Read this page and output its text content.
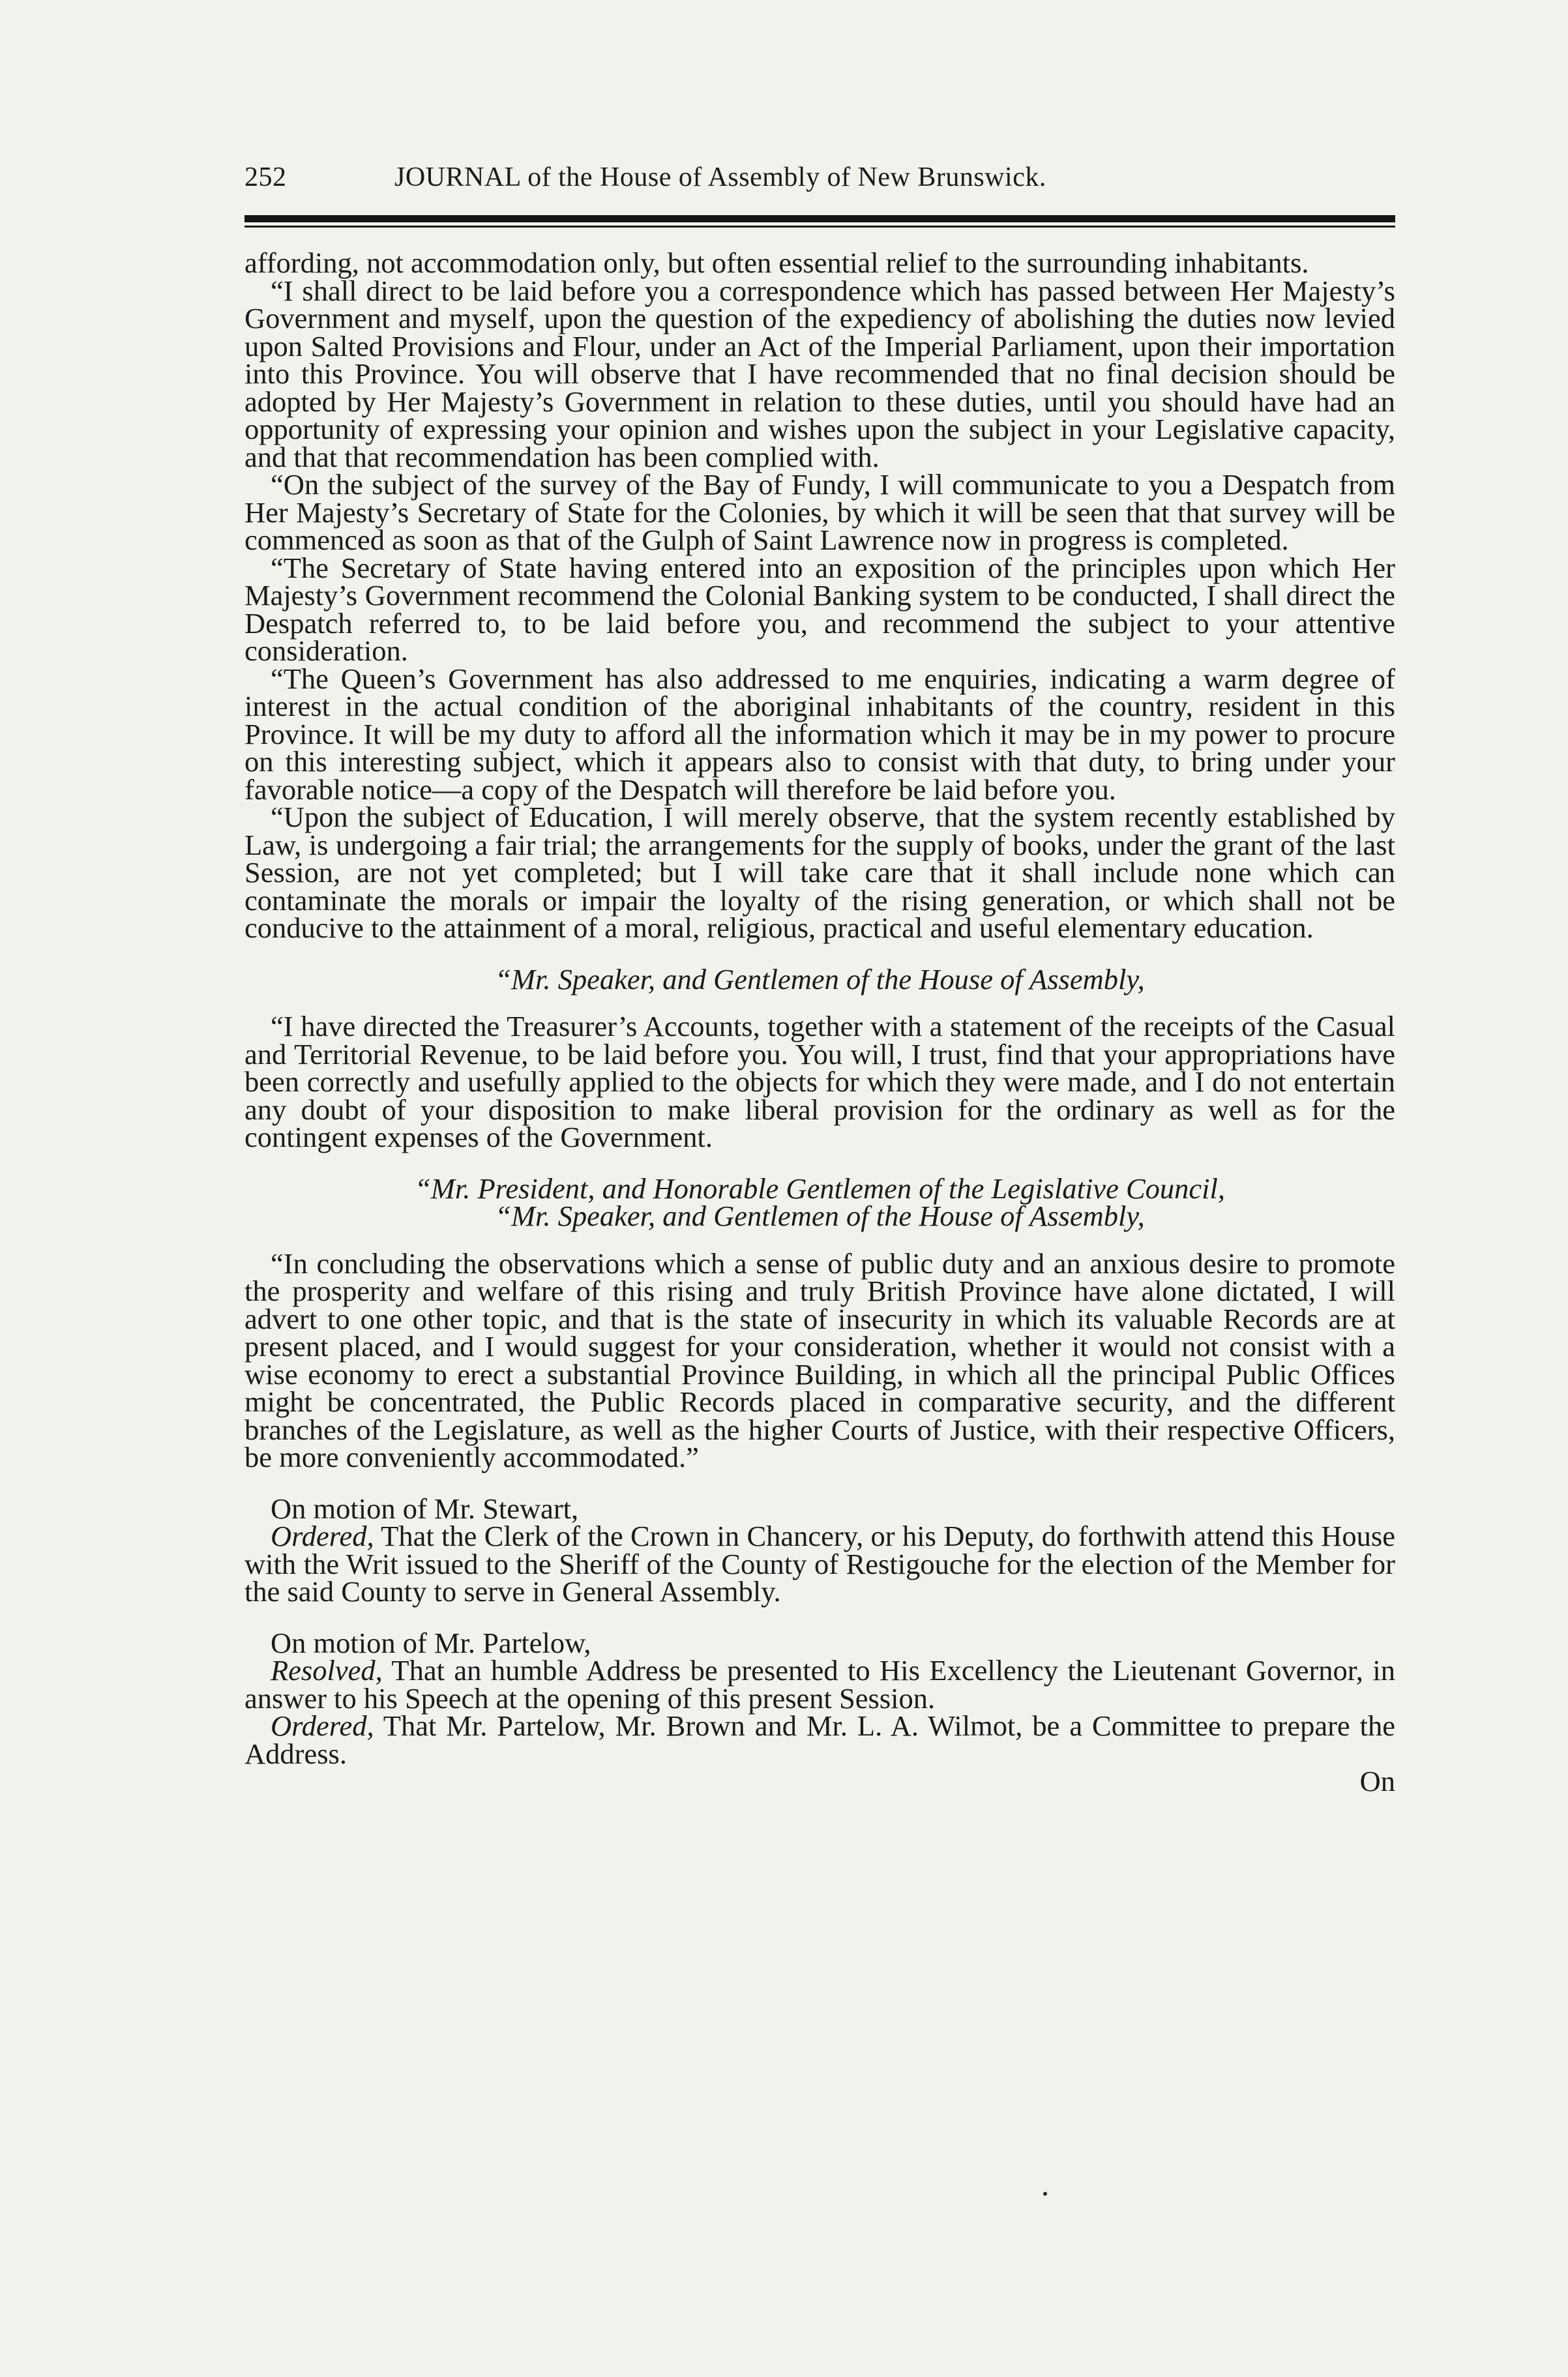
252	JOURNAL of the House of Assembly of New Brunswick.

affording, not accommodation only, but often essential relief to the surrounding inhabitants.

“I shall direct to be laid before you a correspondence which has passed between Her Majesty’s Government and myself, upon the question of the expediency of abolishing the duties now levied upon Salted Provisions and Flour, under an Act of the Imperial Parliament, upon their importation into this Province. You will observe that I have recommended that no final decision should be adopted by Her Majesty’s Government in relation to these duties, until you should have had an opportunity of expressing your opinion and wishes upon the subject in your Legislative capacity, and that that recommendation has been complied with.

“On the subject of the survey of the Bay of Fundy, I will communicate to you a Despatch from Her Majesty’s Secretary of State for the Colonies, by which it will be seen that that survey will be commenced as soon as that of the Gulph of Saint Lawrence now in progress is completed.

“The Secretary of State having entered into an exposition of the principles upon which Her Majesty’s Government recommend the Colonial Banking system to be conducted, I shall direct the Despatch referred to, to be laid before you, and recommend the subject to your attentive consideration.

“The Queen’s Government has also addressed to me enquiries, indicating a warm degree of interest in the actual condition of the aboriginal inhabitants of the country, resident in this Province. It will be my duty to afford all the information which it may be in my power to procure on this interesting subject, which it appears also to consist with that duty, to bring under your favorable notice—a copy of the Despatch will therefore be laid before you.

“Upon the subject of Education, I will merely observe, that the system recently established by Law, is undergoing a fair trial; the arrangements for the supply of books, under the grant of the last Session, are not yet completed; but I will take care that it shall include none which can contaminate the morals or impair the loyalty of the rising generation, or which shall not be conducive to the attainment of a moral, religious, practical and useful elementary education.

“Mr. Speaker, and Gentlemen of the House of Assembly,

“I have directed the Treasurer’s Accounts, together with a statement of the receipts of the Casual and Territorial Revenue, to be laid before you. You will, I trust, find that your appropriations have been correctly and usefully applied to the objects for which they were made, and I do not entertain any doubt of your disposition to make liberal provision for the ordinary as well as for the contingent expenses of the Government.

“Mr. President, and Honorable Gentlemen of the Legislative Council,

“Mr. Speaker, and Gentlemen of the House of Assembly,

“In concluding the observations which a sense of public duty and an anxious desire to promote the prosperity and welfare of this rising and truly British Province have alone dictated, I will advert to one other topic, and that is the state of insecurity in which its valuable Records are at present placed, and I would suggest for your consideration, whether it would not consist with a wise economy to erect a substantial Province Building, in which all the principal Public Offices might be concentrated, the Public Records placed in comparative security, and the different branches of the Legislature, as well as the higher Courts of Justice, with their respective Officers, be more conveniently accommodated.”

On motion of Mr. Stewart,

Ordered, That the Clerk of the Crown in Chancery, or his Deputy, do forthwith attend this House with the Writ issued to the Sheriff of the County of Restigouche for the election of the Member for the said County to serve in General Assembly.

On motion of Mr. Partelow,

Resolved, That an humble Address be presented to His Excellency the Lieutenant Governor, in answer to his Speech at the opening of this present Session.

Ordered, That Mr. Partelow, Mr. Brown and Mr. L. A. Wilmot, be a Committee to prepare the Address.

On
